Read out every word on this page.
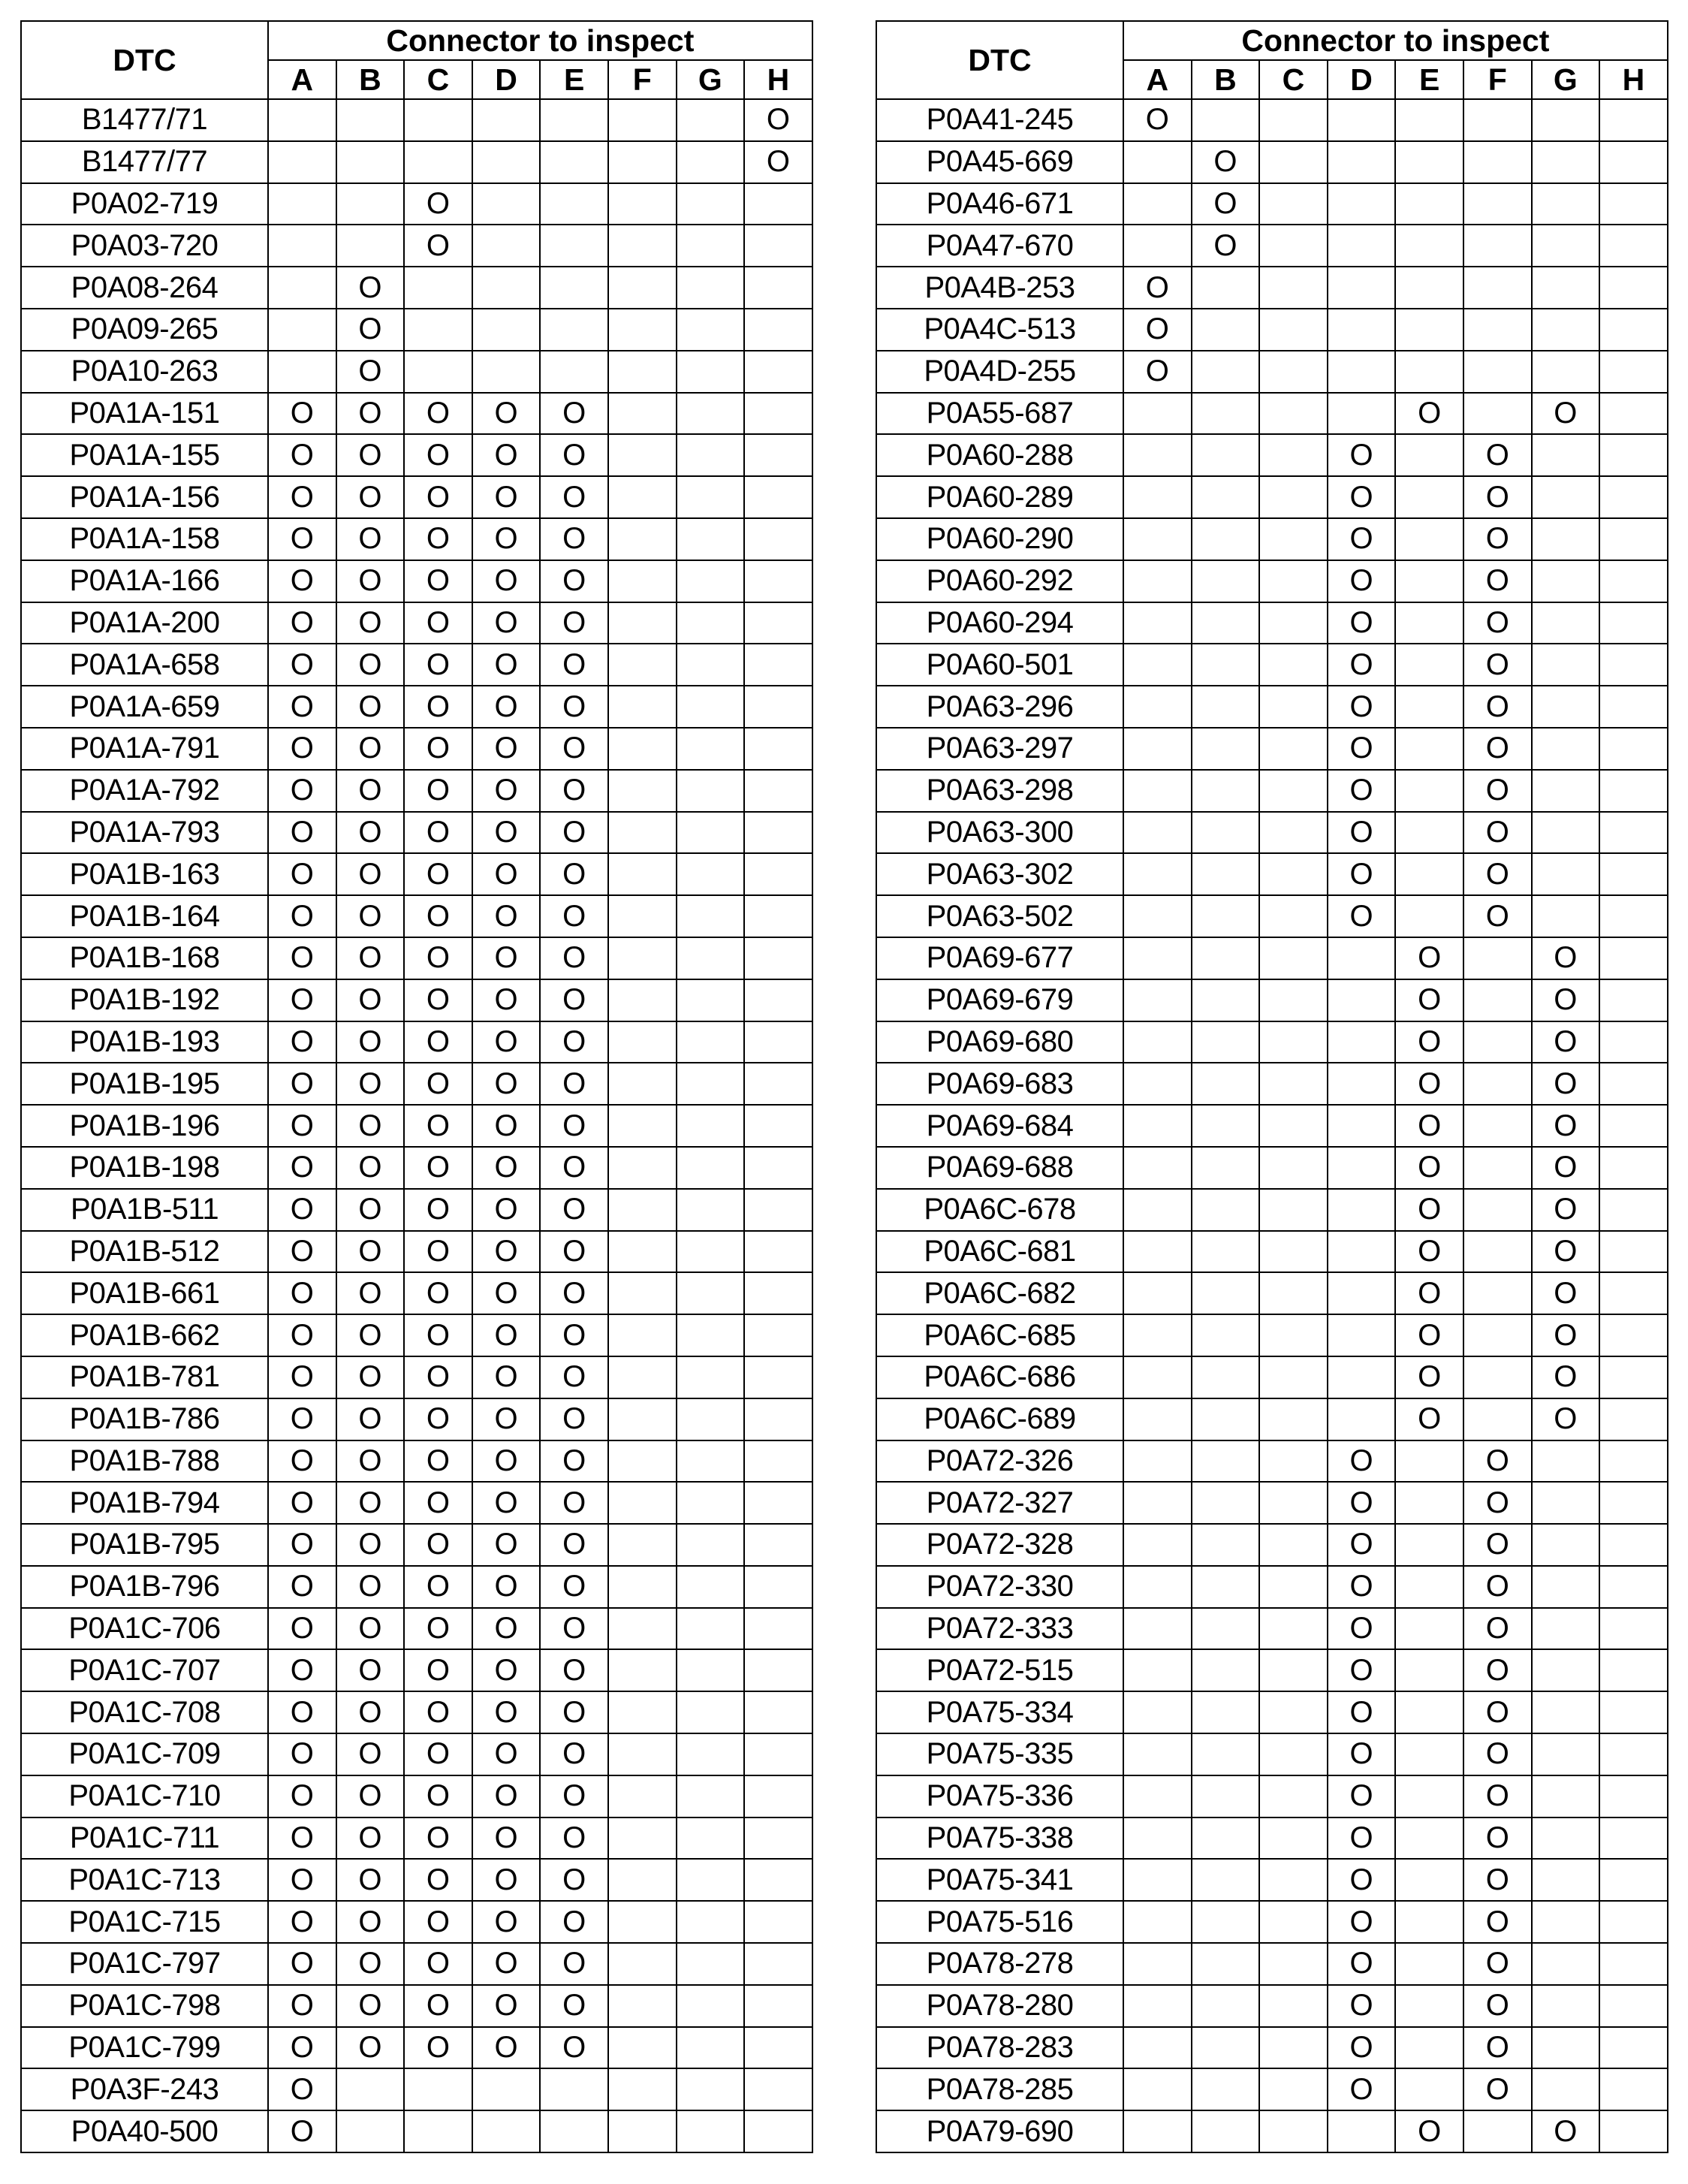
DTC	Connector to inspect							
	A	B	C	D	E	F	G	H
B1477/71								O
B1477/77								O
P0A02-719			O					
P0A03-720			O					
P0A08-264		O						
P0A09-265		O						
P0A10-263		O						
P0A1A-151	O	O	O	O	O			
P0A1A-155	O	O	O	O	O			
P0A1A-156	O	O	O	O	O			
P0A1A-158	O	O	O	O	O			
P0A1A-166	O	O	O	O	O			
P0A1A-200	O	O	O	O	O			
P0A1A-658	O	O	O	O	O			
P0A1A-659	O	O	O	O	O			
P0A1A-791	O	O	O	O	O			
P0A1A-792	O	O	O	O	O			
P0A1A-793	O	O	O	O	O			
P0A1B-163	O	O	O	O	O			
P0A1B-164	O	O	O	O	O			
P0A1B-168	O	O	O	O	O			
P0A1B-192	O	O	O	O	O			
P0A1B-193	O	O	O	O	O			
P0A1B-195	O	O	O	O	O			
P0A1B-196	O	O	O	O	O			
P0A1B-198	O	O	O	O	O			
P0A1B-511	O	O	O	O	O			
P0A1B-512	O	O	O	O	O			
P0A1B-661	O	O	O	O	O			
P0A1B-662	O	O	O	O	O			
P0A1B-781	O	O	O	O	O			
P0A1B-786	O	O	O	O	O			
P0A1B-788	O	O	O	O	O			
P0A1B-794	O	O	O	O	O			
P0A1B-795	O	O	O	O	O			
P0A1B-796	O	O	O	O	O			
P0A1C-706	O	O	O	O	O			
P0A1C-707	O	O	O	O	O			
P0A1C-708	O	O	O	O	O			
P0A1C-709	O	O	O	O	O			
P0A1C-710	O	O	O	O	O			
P0A1C-711	O	O	O	O	O			
P0A1C-713	O	O	O	O	O			
P0A1C-715	O	O	O	O	O			
P0A1C-797	O	O	O	O	O			
P0A1C-798	O	O	O	O	O			
P0A1C-799	O	O	O	O	O			
P0A3F-243	O							
P0A40-500	O							
DTC	Connector to inspect							
	A	B	C	D	E	F	G	H
P0A41-245	O							
P0A45-669		O						
P0A46-671		O						
P0A47-670		O						
P0A4B-253	O							
P0A4C-513	O							
P0A4D-255	O							
P0A55-687					O		O	
P0A60-288				O		O		
P0A60-289				O		O		
P0A60-290				O		O		
P0A60-292				O		O		
P0A60-294				O		O		
P0A60-501				O		O		
P0A63-296				O		O		
P0A63-297				O		O		
P0A63-298				O		O		
P0A63-300				O		O		
P0A63-302				O		O		
P0A63-502				O		O		
P0A69-677					O		O	
P0A69-679					O		O	
P0A69-680					O		O	
P0A69-683					O		O	
P0A69-684					O		O	
P0A69-688					O		O	
P0A6C-678					O		O	
P0A6C-681					O		O	
P0A6C-682					O		O	
P0A6C-685					O		O	
P0A6C-686					O		O	
P0A6C-689					O		O	
P0A72-326				O		O		
P0A72-327				O		O		
P0A72-328				O		O		
P0A72-330				O		O		
P0A72-333				O		O		
P0A72-515				O		O		
P0A75-334				O		O		
P0A75-335				O		O		
P0A75-336				O		O		
P0A75-338				O		O		
P0A75-341				O		O		
P0A75-516				O		O		
P0A78-278				O		O		
P0A78-280				O		O		
P0A78-283				O		O		
P0A78-285				O		O		
P0A79-690					O		O	
